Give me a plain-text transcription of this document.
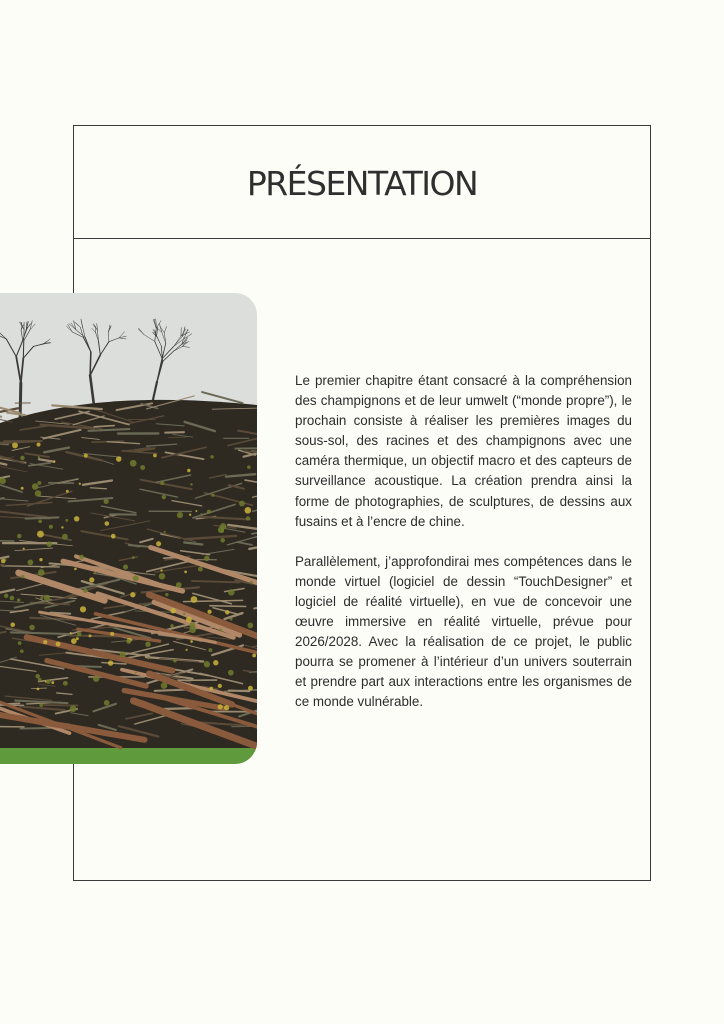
PRÉSENTATION

Le premier chapitre étant consacré à la compréhension des champignons et de leur umwelt (“monde propre”), le prochain consiste à réaliser les premières images du sous-sol, des racines et des champignons avec une caméra thermique, un objectif macro et des capteurs de surveillance acoustique. La création prendra ainsi la forme de photographies, de sculptures, de dessins aux fusains et à l’encre de chine.

Parallèlement, j’approfondirai mes compétences dans le monde virtuel (logiciel de dessin “TouchDesigner” et logiciel de réalité virtuelle), en vue de concevoir une œuvre immersive en réalité virtuelle, prévue pour 2026/2028. Avec la réalisation de ce projet, le public pourra se promener à l’intérieur d’un univers souterrain et prendre part aux interactions entre les organismes de ce monde vulnérable.
